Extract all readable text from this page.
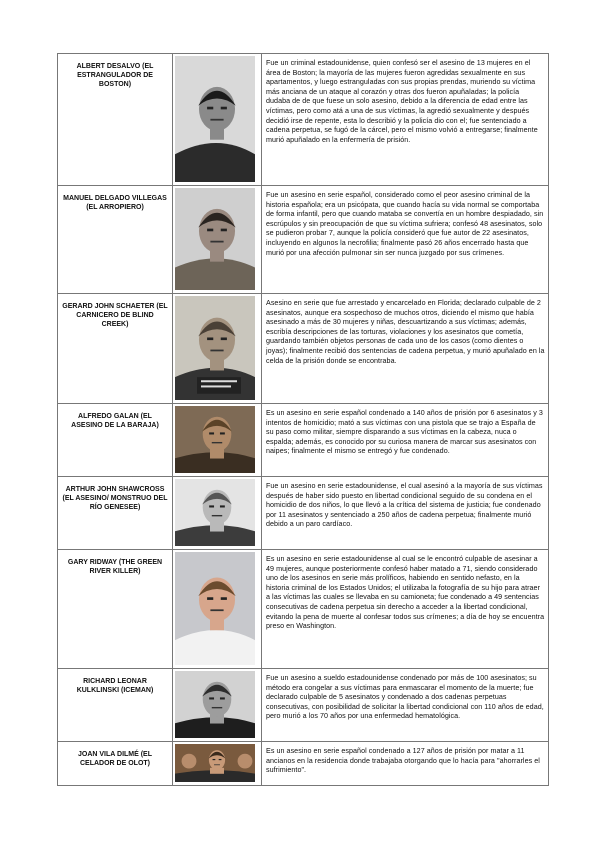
ALBERT DESALVO (EL ESTRANGULADOR DE BOSTON)		Fue un criminal estadounidense, quien confesó ser el asesino de 13 mujeres en el área de Boston; la mayoría de las mujeres fueron agredidas sexualmente en sus apartamentos, y luego estranguladas con sus propias prendas, muriendo su víctima más anciana de un ataque al corazón y otras dos fueron apuñaladas; la policía dudaba de de que fuese un solo asesino, debido a la diferencia de edad entre las víctimas, pero como atá a una de sus víctimas, la agredió sexualmente y después decidió irse de repente, esta lo describió y la policía dio con el; fue sentenciado a cadena perpetua, se fugó de la cárcel, pero el mismo volvió a entregarse; finalmente murió apuñalado en la enfermería de prisión.

MANUEL DELGADO VILLEGAS (EL ARROPIERO)		Fue un asesino en serie español, considerado como el peor asesino criminal de la historia española; era un psicópata, que cuando hacía su vida normal se comportaba de forma infantil, pero que cuando mataba se convertía en un hombre despiadado, sin escrúpulos y sin preocupación de que su víctima sufriera; confesó 48 asesinatos, solo se pudieron probar 7, aunque la policía consideró que fue autor de 22 asesinatos, incluyendo en algunos la necrofilia; finalmente pasó 26 años encerrado hasta que murió por una afección pulmonar sin ser nunca juzgado por sus crímenes.

GERARD JOHN SCHAETER (EL CARNICERO DE BLIND CREEK)		Asesino en serie que fue arrestado y encarcelado en Florida; declarado culpable de 2 asesinatos, aunque era sospechoso de muchos otros, diciendo el mismo que había asesinado a más de 30 mujeres y niñas, descuartizando a sus víctimas; además, escribía descripciones de las torturas, violaciones y los asesinatos que cometía, guardando también objetos personas de cada uno de los casos (como dientes o joyas); finalmente recibió dos sentencias de cadena perpetua, y murió apuñalado en la celda de la prisión donde se encontraba.

ALFREDO GALAN (EL ASESINO DE LA BARAJA)		Es un asesino en serie español condenado a 140 años de prisión por 6 asesinatos y 3 intentos de homicidio; mató a sus víctimas con una pistola que se trajo a España de su paso como militar, siempre disparando a sus víctimas en la cabeza, nuca o espalda; además, es conocido por su curiosa manera de marcar sus asesinatos con naipes; finalmente el mismo se entregó y fue condenado.

ARTHUR JOHN SHAWCROSS (EL ASESINO/ MONSTRUO DEL RÍO GENESEE)		Fue un asesino en serie estadounidense, el cual asesinó a la mayoría de sus víctimas después de haber sido puesto en libertad condicional seguido de su condena en el homicidio de dos niños, lo que llevó a la crítica del sistema de justicia; fue condenado por 11 asesinatos y sentenciado a 250 años de cadena perpetua; finalmente murió debido a un paro cardíaco.

GARY RIDWAY (THE GREEN RIVER KILLER)		Es un asesino en serie estadounidense al cual se le encontró culpable de asesinar a 49 mujeres, aunque posteriormente confesó haber matado a 71, siendo considerado uno de los asesinos en serie más prolíficos, habiendo en sentido nefasto, en la historia criminal de los Estados Unidos; el utilizaba la fotografía de su hijo para atraer a las víctimas las cuales se llevaba en su camioneta; fue condenado a 49 sentencias consecutivas de cadena perpetua sin derecho a acceder a la libertad condicional, evitando la pena de muerte al confesar todos sus crímenes; a día de hoy se encuentra preso en Washington.

RICHARD LEONAR KULKLINSKI (ICEMAN)		Fue un asesino a sueldo estadounidense condenado por más de 100 asesinatos; su método era congelar a sus víctimas para enmascarar el momento de la muerte; fue declarado culpable de 5 asesinatos y condenado a dos cadenas perpetuas consecutivas, con posibilidad de solicitar la libertad condicional con 110 años de edad, pero murió a los 70 años por una enfermedad hematológica.

JOAN VILA DILMÉ (EL CELADOR DE OLOT)		Es un asesino en serie español condenado a 127 años de prisión por matar a 11 ancianos en la residencia donde trabajaba otorgando que lo hacía para "ahorrarles el sufrimiento".
